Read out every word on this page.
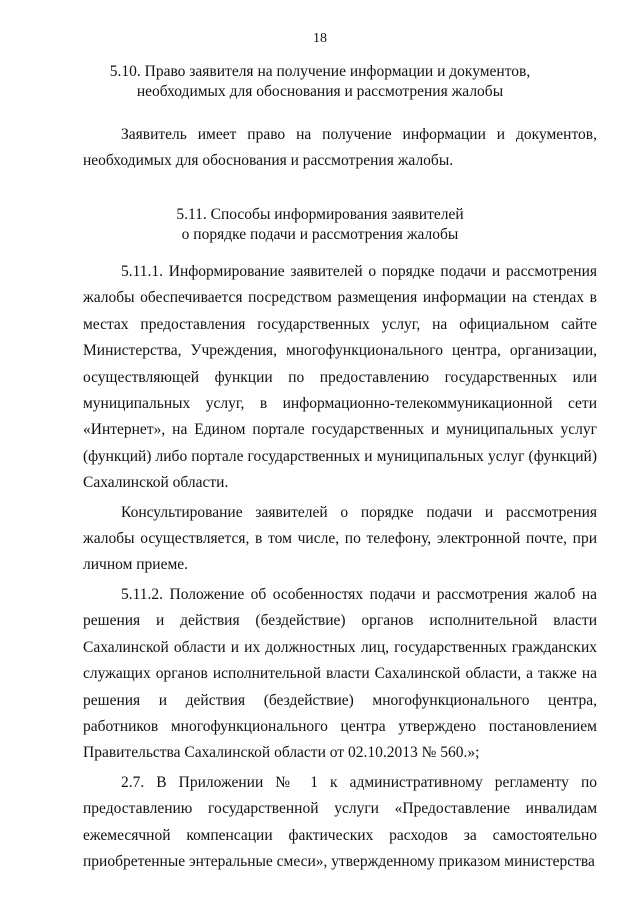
18
5.10. Право заявителя на получение информации и документов,
необходимых для обоснования и рассмотрения жалобы

Заявитель имеет право на получение информации и документов, необходимых для обоснования и рассмотрения жалобы.

5.11. Способы информирования заявителей
о порядке подачи и рассмотрения жалобы

5.11.1. Информирование заявителей о порядке подачи и рассмотрения жалобы обеспечивается посредством размещения информации на стендах в местах предоставления государственных услуг, на официальном сайте Министерства, Учреждения, многофункционального центра, организации, осуществляющей функции по предоставлению государственных или муниципальных услуг, в информационно-телекоммуникационной сети «Интернет», на Едином портале государственных и муниципальных услуг (функций) либо портале государственных и муниципальных услуг (функций) Сахалинской области.

Консультирование заявителей о порядке подачи и рассмотрения жалобы осуществляется, в том числе, по телефону, электронной почте, при личном приеме.

5.11.2. Положение об особенностях подачи и рассмотрения жалоб на решения и действия (бездействие) органов исполнительной власти Сахалинской области и их должностных лиц, государственных гражданских служащих органов исполнительной власти Сахалинской области, а также на решения и действия (бездействие) многофункционального центра, работников многофункционального центра утверждено постановлением Правительства Сахалинской области от 02.10.2013 № 560.»;

2.7. В Приложении № 1 к административному регламенту по предоставлению государственной услуги «Предоставление инвалидам ежемесячной компенсации фактических расходов за самостоятельно приобретенные энтеральные смеси», утвержденному приказом министерства
